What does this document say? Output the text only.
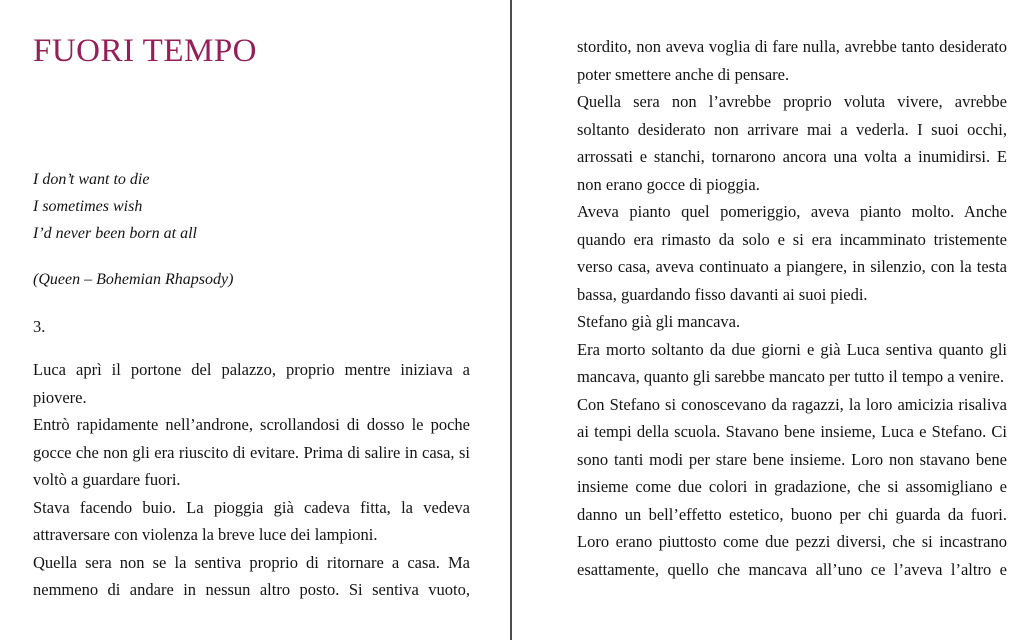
FUORI TEMPO

I don’t want to die

I sometimes wish

I’d never been born at all

(Queen – Bohemian Rhapsody)

3.

Luca aprì il portone del palazzo, proprio mentre iniziava a piovere.

Entrò rapidamente nell’androne, scrollandosi di dosso le poche gocce che non gli era riuscito di evitare. Prima di salire in casa, si voltò a guardare fuori.

Stava facendo buio. La pioggia già cadeva fitta, la vedeva attraversare con violenza la breve luce dei lampioni.

Quella sera non se la sentiva proprio di ritornare a casa. Ma nemmeno di andare in nessun altro posto. Si sentiva vuoto,

stordito, non aveva voglia di fare nulla, avrebbe tanto desiderato poter smettere anche di pensare.

Quella sera non l’avrebbe proprio voluta vivere, avrebbe soltanto desiderato non arrivare mai a vederla. I suoi occhi, arrossati e stanchi, tornarono ancora una volta a inumidirsi. E non erano gocce di pioggia.

Aveva pianto quel pomeriggio, aveva pianto molto. Anche quando era rimasto da solo e si era incamminato tristemente verso casa, aveva continuato a piangere, in silenzio, con la testa bassa, guardando fisso davanti ai suoi piedi.

Stefano già gli mancava.

Era morto soltanto da due giorni e già Luca sentiva quanto gli mancava, quanto gli sarebbe mancato per tutto il tempo a venire.

Con Stefano si conoscevano da ragazzi, la loro amicizia risaliva ai tempi della scuola. Stavano bene insieme, Luca e Stefano. Ci sono tanti modi per stare bene insieme. Loro non stavano bene insieme come due colori in gradazione, che si assomigliano e danno un bell’effetto estetico, buono per chi guarda da fuori. Loro erano piuttosto come due pezzi diversi, che si incastrano esattamente, quello che mancava all’uno ce l’aveva l’altro e
